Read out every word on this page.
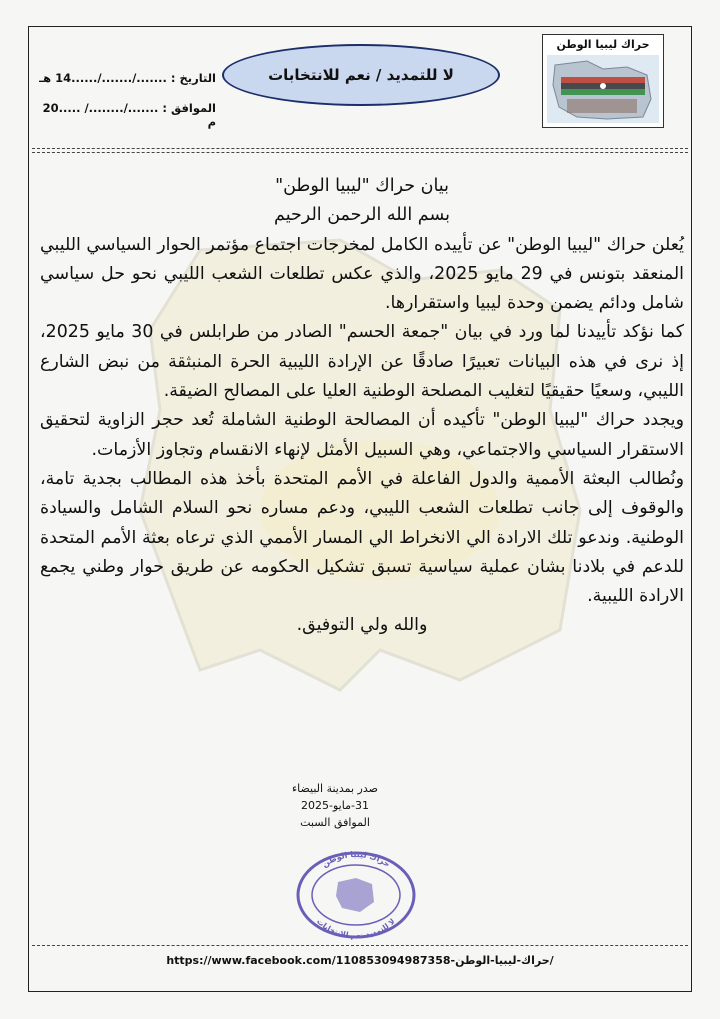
حراك ليبيا الوطن
لا للتمديد / نعم للانتخابات
التاريخ : ......./......./......14 هـ
الموافق : ......./......../ .....20 م

بيان حراك "ليبيا الوطن"

بسم الله الرحمن الرحيم

يُعلن حراك "ليبيا الوطن" عن تأييده الكامل لمخرجات اجتماع مؤتمر الحوار السياسي الليبي المنعقد بتونس في 29 مايو 2025، والذي عكس تطلعات الشعب الليبي نحو حل سياسي شامل ودائم يضمن وحدة ليبيا واستقرارها.

كما نؤكد تأييدنا لما ورد في بيان "جمعة الحسم" الصادر من طرابلس في 30 مايو 2025، إذ نرى في هذه البيانات تعبيرًا صادقًا عن الإرادة الليبية الحرة المنبثقة من نبض الشارع الليبي، وسعيًا حقيقيًا لتغليب المصلحة الوطنية العليا على المصالح الضيقة.

ويجدد حراك "ليبيا الوطن" تأكيده أن المصالحة الوطنية الشاملة تُعد حجر الزاوية لتحقيق الاستقرار السياسي والاجتماعي، وهي السبيل الأمثل لإنهاء الانقسام وتجاوز الأزمات.

ونُطالب البعثة الأممية والدول الفاعلة في الأمم المتحدة بأخذ هذه المطالب بجدية تامة، والوقوف إلى جانب تطلعات الشعب الليبي، ودعم مساره نحو السلام الشامل والسيادة الوطنية. وندعو تلك الارادة الي الانخراط الي المسار الأممي الذي ترعاه بعثة الأمم المتحدة للدعم في بلادنا بشان عملية سياسية تسبق تشكيل الحكومه عن طريق حوار وطني يجمع الارادة الليبية.

والله ولي التوفيق.

صدر بمدينة البيضاء
31-مايو-2025
الموافق السبت
حراك ليبيا الوطن
لا للتمديد نعم للانتخابات
https://www.facebook.com/110853094987358-حراك-ليبيا-الوطن/
